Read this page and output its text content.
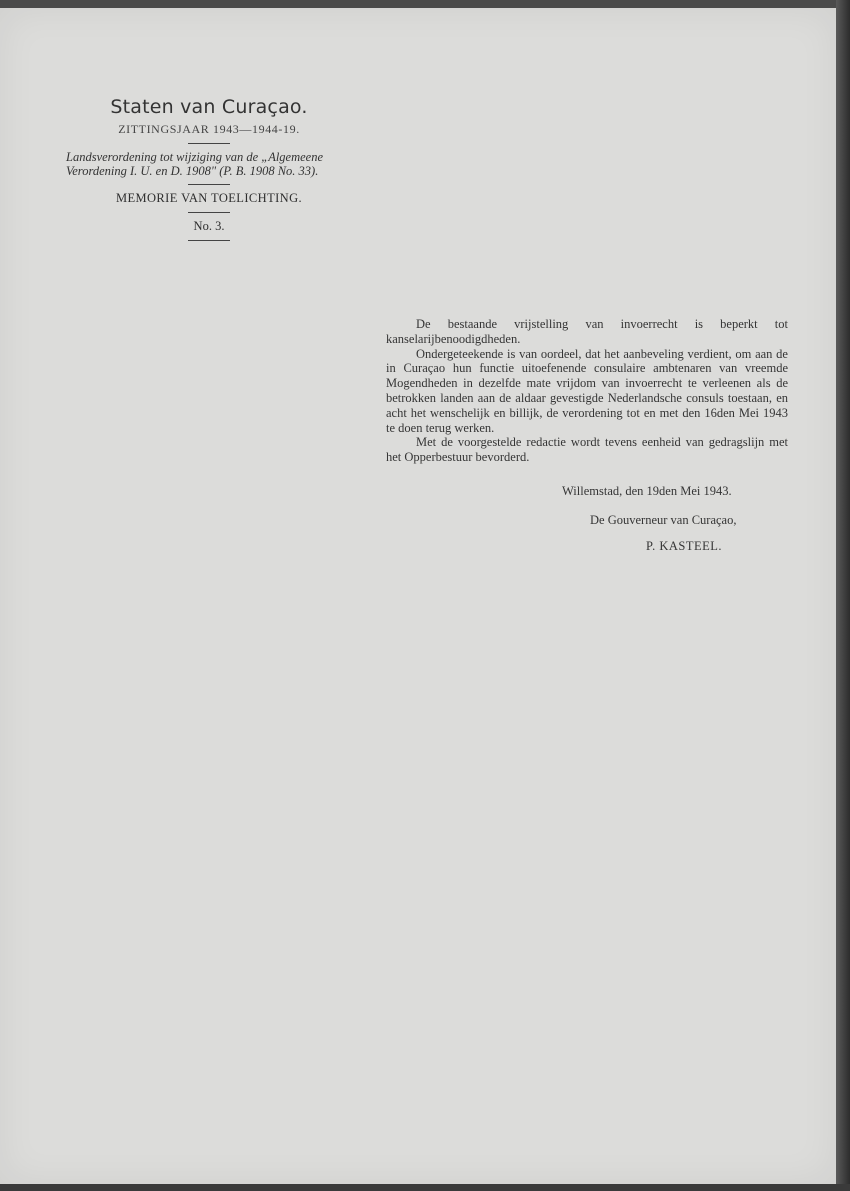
Staten van Curaçao.
ZITTINGSJAAR 1943—1944-19.
Landsverordening tot wijziging van de „Algemeene Verordening I. U. en D. 1908" (P. B. 1908 No. 33).
MEMORIE VAN TOELICHTING.
No. 3.

De bestaande vrijstelling van invoerrecht is beperkt tot kanselarijbenoodigdheden.

Ondergeteekende is van oordeel, dat het aanbeveling verdient, om aan de in Curaçao hun functie uitoefenende consulaire ambtenaren van vreemde Mogendheden in dezelfde mate vrijdom van invoerrecht te verleenen als de betrokken landen aan de aldaar gevestigde Nederlandsche consuls toestaan, en acht het wenschelijk en billijk, de verordening tot en met den 16den Mei 1943 te doen terug werken.

Met de voorgestelde redactie wordt tevens eenheid van gedragslijn met het Opperbestuur bevorderd.

Willemstad, den 19den Mei 1943.
De Gouverneur van Curaçao,
P. KASTEEL.
